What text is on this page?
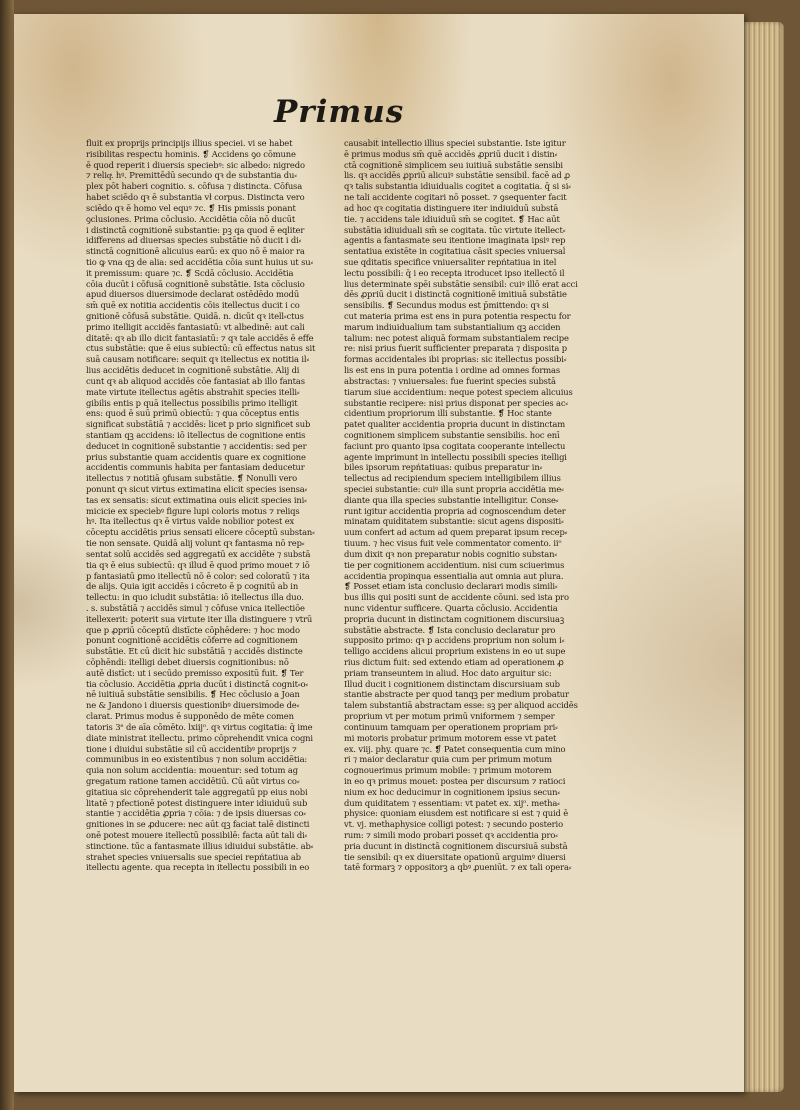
Primus
fluit ex proprijs principijs illius speciei. vi se habet
risibilitas respectu hominis. ❡ Accidens ꝯo cōmune
ē quod reperit i diuersis speciebꝰ: sic albedo: nigredo
⁊ reliqͣ. hꝰ. Premittēdū secundo qꝛ de substantia du⸗
plex pōt haberi cognitio. s. cōfusa ⁊ distincta. Cōfusa
habet sciēdo qꝛ ē substantia vł corpus. Distincta vero
sciēdo qꝛ ē homo vel equꝰ ⁊c. ❡ His pmissis ponant
ꝯclusiones. Prima cōclusio. Accidētia cōia nō ducūt
i distinctā cognitionē substantie: pꝫ qa quod ē eqliter
idifferens ad diuersas species substātie nō ducit i di⸗
stinctā cognitionē alicuius earū: ex quo nō ē maior ra
tio ꝙ vna qꝫ de alia: sed accidētia cōia sunt huius ut su⸗
it premissum: quare ⁊c. ❡ Scdā cōclusio. Accidētia
cōia ducūt i cōfusā cognitionē substātie. Ista cōclusio
apud diuersos diuersimode declarat̄ ostēdēdo modū
sm̄ quē ex notitia accidentis cōis itellectus ducit i co
gnitionē cōfusā substātie. Quidā. n. dicūt qꝛ itell⸗ctus
primo itelligit accidēs fantasiatū: vt albedinē: aut cali
ditatē: qꝛ ab illo dicit̄ fantasiatū: ⁊ qꝛ tale accidēs ē effe
ctus substātie: que ē eius subiectū: cū effectus natus sit
suā causam notificare: sequit qꝛ itellectus ex notitia il⸗
lius accidētis deducet̄ in cognitionē substātie. Alij di
cunt qꝛ ab aliquod accidēs cōe fantasiat̄ ab illo fantas
mate virtute itellectus agētis abstrahit̄ species itelli⸗
gibilis entis p quā itellectus possibilis primo itelligit
ens: quod ē suū primū obiectū: ⁊ qua cōceptus entis
significat substātiā ⁊ accidēs: licet p prio significet sub
stantiam qꝫ accidens: iō itellectus de cognitione entis
deducet̄ in cognitionē substantie ⁊ accidentis: sed per
prius substantie quam accidentis quare ex cognitione
accidentis communis habita per fantasiam deducetur
itellectus ⁊ notitiā ꝯfusam substātie. ❡ Nonulli vero
ponunt qꝛ sicut virtus extimatina elicit species isensa⸗
tas ex sensatis: sicut extimatina ouis elicit species ini⸗
micicie ex speciebꝰ figure lupi coloris motus ⁊ reliqs
hꝰ. Ita itellectus qꝛ ē virtus valde nobilior potest ex
cōceptu accidētis prius sensati elicere cōceptū substan⸗
tie non sensate. Quidā alij volunt qꝛ fantasma nō rep⸗
sentat solū accidēs sed aggregatū ex accidēte ⁊ substā
tia qꝛ ē eius subiectū: qꝛ illud ē quod primo mouet ⁊ iō
p fantasiatū ꝑmo itellectū nō ē color: sed coloratū ⁊ ita
de alijs. Quia igit̄ accidēs i cōcreto ē p cognitū ab in
tellectu: in quo icludit substātia: iō itellectus illa duo.
. s. substātiā ⁊ accidēs simul ⁊ cōfuse vnica itellectiōe
itellexerit: poterit sua virtute iter illa distinguere ⁊ vtrū
que p ꝓpriū cōceptū distīcte cōphēdere: ⁊ hoc modo
ponunt cognitionē accidētis cōferre ad cognitionem
substātie. Et cū dicit̄ hic substātiā ⁊ accidēs distincte
cōphēndi: itelligi debet diuersis cognitionibus: nō
autē distīct: ut i secūdo premisso expositū fuit. ❡ Ter
tia cōclusio. Accidētia ꝓpria ducūt i distinctā cognit⸗o⸗
nē iuitiuā substātie sensibilis. ❡ Hec cōclusio a Joan
ne & Jandono i diuersis questionibꝰ diuersimode de⸗
clarat̄. Primus modus ē supponēdo de mēte comen
tatoris 3ᵉ de aīa cōmēto. lxiijᵒ. qꝛ virtus cogitatia: q̄ ime
diate ministrat itellectu. primo cōprehendit vnica cogni
tione i diuidui substātie sil cū accidentibꝰ proprijs ⁊
communibus in eo existentibus ⁊ non solum accidētia:
quia non solum accidentia: mouentur: sed totum ag
gregatum ratione tamen accidētiū. Cū aūt virtus co⸗
gitatiua sic cōprehenderit tale aggregatū pp eius nobi
litatē ⁊ pfectionē potest distinguere inter idiuiduū sub
stantie ⁊ accidētia ꝓpria ⁊ cōia: ⁊ de ipsis diuersas co⸗
gnitiones in se ꝓducere: nec aūt qꝫ faciat talē distincti
onē potest mouere itellectū possibilē: facta aūt tali di⸗
stinctione. tūc a fantasmate illius idiuidui substātie. ab⸗
strahet̄ species vniuersalis sue speciei repńtatiua ab
itellectu agente. qua recepta in itellectu possibili in eo
causabit̄ intellectio illius speciei substantie. Iste igitur
ē primus modus sm̄ quē accidēs ꝓpriū ducit i distin⸗
ctā cognitionē simplicem seu iuitiuā substātie sensibi
lis. qꝛ accidēs ꝓpriū alicuiꝰ substātie sensibil̄. facē ad ꝓ
qꝛ talis substantia idiuidualis cogitet̄ a cogitatia. q̄ si si⸗
ne tali accidente cogitari nō posset. ⁊ ꝯsequenter facit
ad hoc qꝛ cogitatia distinguere iter indiuiduū substā
tie. ⁊ accidens tale idiuiduū sm̄ se cogitet̄. ❡ Hac aūt
substātia idiuiduali sm̄ se cogitata. tūc virtute itellect⸗
agentis a fantasmate seu itentione imaginata ipsiꝰ rep
sentatiua existēte in cogitatiua cāsit species vniuersal̄
sue qditatis specifice vniuersaliter repńtatiua in itel
lectu possibili: q̄ i eo recepta itroducet̄ ipso itellectō il
lius determinate spēi substātie sensibil: cuiꝰ illō erat acci
dēs ꝓpriū ducit i distinctā cognitionē imitiuā substātie
sensibilis. ❡ Secundus modus est p̄mittendo: qꝛ si
cut materia prima est ens in pura potentia respectu for
marum indiuidualium tam substantialium qꝫ acciden
talium: nec potest aliquā formam substantialem recipe
re: nisi prius fuerit sufficienter preparata ⁊ disposita p
formas accidentales ibi proprias: sic itellectus possibi⸗
lis est ens in pura potentia i ordine ad omnes formas
abstractas: ⁊ vniuersales: fue fuerint species substā
tiarum siue accidentium: neque potest speciem alicuius
substantie recipere: nisi prius disponat per species ac⸗
cidentium propriorum illi substantie. ❡ Hoc stante
patet qualiter accidentia propria ducunt in distinctam
cognitionem simplicem substantie sensibilis. hoc enī
faciunt pro quanto ipsa cogitata cooperante intellectu
agente imprimunt in intellectu possibili species itelligi
biles ipsorum repńtatiuas: quibus preparatur in⸗
tellectus ad recipiendum speciem intelligibilem illius
speciei substantie: cuiꝰ illa sunt propria accidētia me⸗
diante qua illa species substantie intelligitur. Conse⸗
runt igitur accidentia propria ad cognoscendum deter
minatam quiditatem substantie: sicut agens dispositi⸗
uum confert ad actum ad quem preparat ipsum recep⸗
tiuum. ⁊ hec visus fuit vele commentator comento. iiᵒ
dum dixit qꝛ non preparatur nobis cognitio substan⸗
tie per cognitionem accidentium. nisi cum sciuerimus
accidentia propinqua essentialia aut omnia aut plura.
❡ Posset etiam ista conclusio declarari modis simili⸗
bus illis qui positi sunt de accidente cōuni. sed ista pro
nunc videntur sufficere. Quarta cōclusio. Accidentia
propria ducunt in distinctam cognitionem discursiuaꝫ
substātie abstracte. ❡ Ista conclusio declaratur pro
supposito primo: qꝛ p accidens proprium non solum i⸗
telligo accidens alicui proprium existens in eo ut supe
rius dictum fuit: sed extendo etiam ad operationem ꝓ
priam transeuntem in aliud. Hoc dato arguitur sic:
Illud ducit i cognitionem distinctam discursiuam sub
stantie abstracte per quod tanqꝫ per medium probatur
talem substantiā abstractam esse: sꝫ per aliquod accidēs
proprium vt per motum primū vniformem ⁊ semper
continuum tamquam per operationem propriam pri⸗
mi motoris probatur primum motorem esse vt patet
ex. viij. phy. quare ⁊c. ❡ Patet consequentia cum mino
ri ⁊ maior declaratur quia cum per primum motum
cognouerimus primum mobile: ⁊ primum motorem
in eo qꝛ primus mouet: postea per discursum ⁊ ratioci
nium ex hoc deducimur in cognitionem ipsius secun⸗
dum quiditatem ⁊ essentiam: vt patet ex. xijᵒ. metha⸗
physice: quoniam eiusdem est notificare si est ⁊ quid ē
vt. vj. methaphysice colligi potest: ⁊ secundo posterio
rum: ⁊ simili modo probari posset qꝛ accidentia pro⸗
pria ducunt in distinctā cognitionem discursiuā substā
tie sensibil: qꝛ ex diuersitate opationū arguimꝰ diuersi
tatē formarꝫ ⁊ oppositorꝫ a qbꝰ ꝓueniūt. ⁊ ex tali opera⸗
